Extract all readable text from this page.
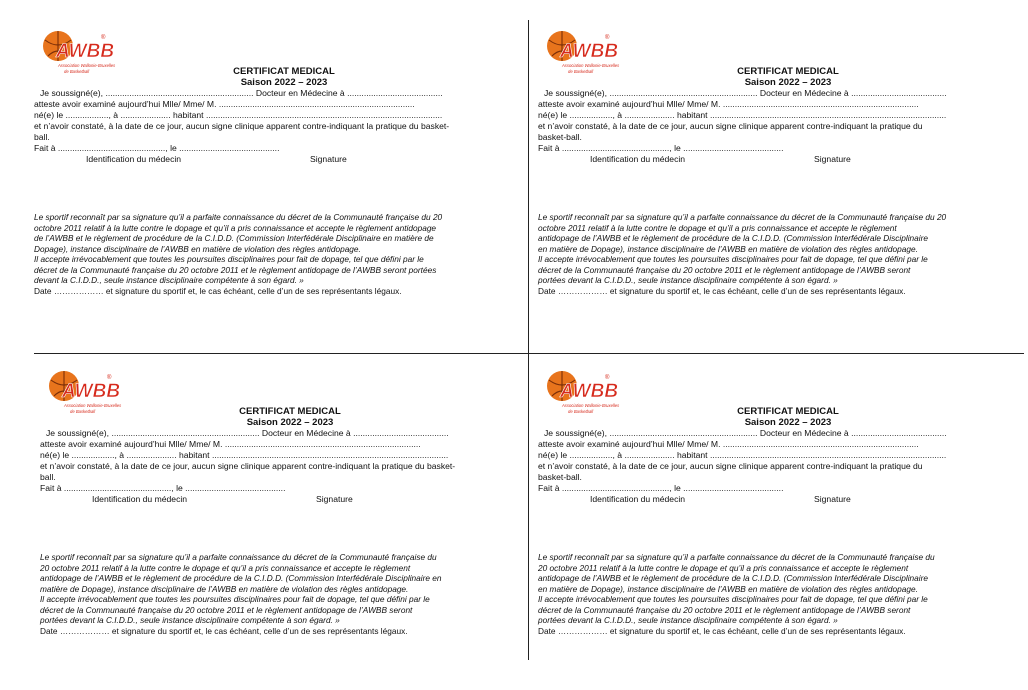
AWBB
®
Association Wallonie-Bruxelles
de Basketball	CERTIFICAT MEDICAL
Saison 2022 – 2023
Je soussigné(e), .............................................................. Docteur en Médecine à ........................................
atteste avoir examiné aujourd’hui Mlle/ Mme/ M. ..................................................................................
né(e) le .................., à ..................... habitant ...................................................................................................
et n’avoir constaté, à la date de ce jour, aucun signe clinique apparent contre-indiquant la pratique du basket-
ball.
Fait à ............................................., le ..........................................
Identification du médecin	Signature

Le sportif reconnaît par sa signature qu’il a parfaite connaissance du décret de la Communauté française du 20

octobre 2011 relatif à la lutte contre le dopage et qu’il a pris connaissance et accepte le règlement antidopage

de l’AWBB et le règlement de procédure de la C.I.D.D. (Commission Interfédérale Disciplinaire en matière de

Dopage), instance disciplinaire de l’AWBB en matière de violation des règles antidopage.

Il accepte irrévocablement que toutes les poursuites disciplinaires pour fait de dopage, tel que défini par le

décret de la Communauté française du 20 octobre 2011 et le règlement antidopage de l’AWBB seront portées

devant la C.I.D.D., seule instance disciplinaire compétente à son égard. »

Date ……………… et signature du sportif et, le cas échéant, celle d’un de ses représentants légaux.

AWBB
®
Association Wallonie-Bruxelles
de Basketball	CERTIFICAT MEDICAL
Saison 2022 – 2023
Je soussigné(e), .............................................................. Docteur en Médecine à ........................................
atteste avoir examiné aujourd’hui Mlle/ Mme/ M. ..................................................................................
né(e) le .................., à ..................... habitant ...................................................................................................
et n’avoir constaté, à la date de ce jour, aucun signe clinique apparent contre-indiquant la pratique du
basket-ball.
Fait à ............................................., le ..........................................
Identification du médecin	Signature

Le sportif reconnaît par sa signature qu’il a parfaite connaissance du décret de la Communauté française du 20

octobre 2011 relatif à la lutte contre le dopage et qu’il a pris connaissance et accepte le règlement

antidopage de l’AWBB et le règlement de procédure de la C.I.D.D. (Commission Interfédérale Disciplinaire

en matière de Dopage), instance disciplinaire de l’AWBB en matière de violation des règles antidopage.

Il accepte irrévocablement que toutes les poursuites disciplinaires pour fait de dopage, tel que défini par le

décret de la Communauté française du 20 octobre 2011 et le règlement antidopage de l’AWBB seront

portées devant la C.I.D.D., seule instance disciplinaire compétente à son égard. »

Date ……………… et signature du sportif et, le cas échéant, celle d’un de ses représentants légaux.

AWBB
®
Association Wallonie-Bruxelles
de Basketball	CERTIFICAT MEDICAL
Saison 2022 – 2023
Je soussigné(e), .............................................................. Docteur en Médecine à ........................................
atteste avoir examiné aujourd’hui Mlle/ Mme/ M. ..................................................................................
né(e) le .................., à ..................... habitant ...................................................................................................
et n’avoir constaté, à la date de ce jour, aucun signe clinique apparent contre-indiquant la pratique du basket-
ball.
Fait à ............................................., le ..........................................
Identification du médecin	Signature

Le sportif reconnaît par sa signature qu’il a parfaite connaissance du décret de la Communauté française du

20 octobre 2011 relatif à la lutte contre le dopage et qu’il a pris connaissance et accepte le règlement

antidopage de l’AWBB et le règlement de procédure de la C.I.D.D. (Commission Interfédérale Disciplinaire en

matière de Dopage), instance disciplinaire de l’AWBB en matière de violation des règles antidopage.

Il accepte irrévocablement que toutes les poursuites disciplinaires pour fait de dopage, tel que défini par le

décret de la Communauté française du 20 octobre 2011 et le règlement antidopage de l’AWBB seront

portées devant la C.I.D.D., seule instance disciplinaire compétente à son égard. »

Date ……………… et signature du sportif et, le cas échéant, celle d’un de ses représentants légaux.

AWBB
®
Association Wallonie-Bruxelles
de Basketball	CERTIFICAT MEDICAL
Saison 2022 – 2023
Je soussigné(e), .............................................................. Docteur en Médecine à ........................................
atteste avoir examiné aujourd’hui Mlle/ Mme/ M. ..................................................................................
né(e) le .................., à ..................... habitant ...................................................................................................
et n’avoir constaté, à la date de ce jour, aucun signe clinique apparent contre-indiquant la pratique du
basket-ball.
Fait à ............................................., le ..........................................
Identification du médecin	Signature

Le sportif reconnaît par sa signature qu’il a parfaite connaissance du décret de la Communauté française du

20 octobre 2011 relatif à la lutte contre le dopage et qu’il a pris connaissance et accepte le règlement

antidopage de l’AWBB et le règlement de procédure de la C.I.D.D. (Commission Interfédérale Disciplinaire

en matière de Dopage), instance disciplinaire de l’AWBB en matière de violation des règles antidopage.

Il accepte irrévocablement que toutes les poursuites disciplinaires pour fait de dopage, tel que défini par le

décret de la Communauté française du 20 octobre 2011 et le règlement antidopage de l’AWBB seront

portées devant la C.I.D.D., seule instance disciplinaire compétente à son égard. »

Date ……………… et signature du sportif et, le cas échéant, celle d’un de ses représentants légaux.
